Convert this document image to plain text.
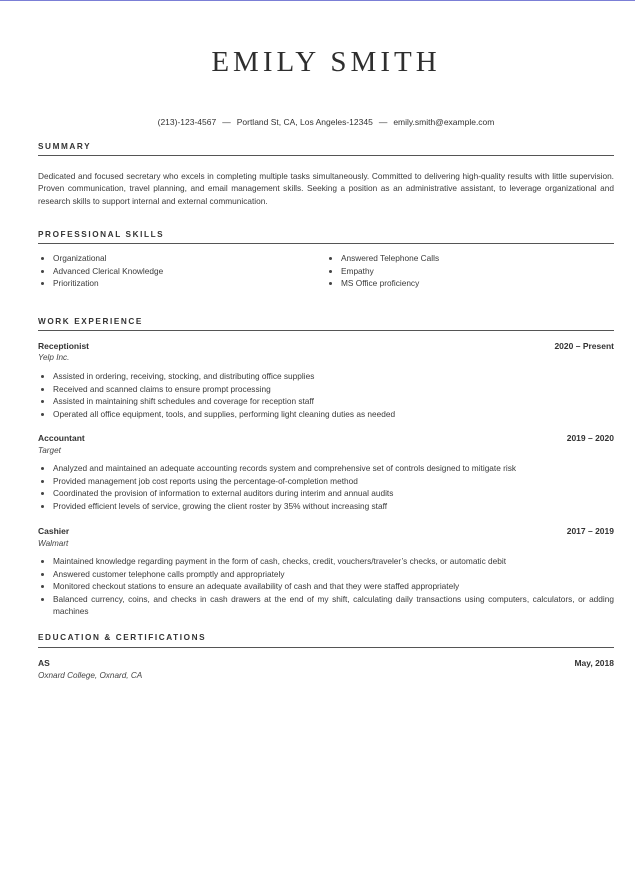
EMILY SMITH
(213)-123-4567 — Portland St, CA, Los Angeles-12345 — emily.smith@example.com
SUMMARY
Dedicated and focused secretary who excels in completing multiple tasks simultaneously. Committed to delivering high-quality results with little supervision. Proven communication, travel planning, and email management skills. Seeking a position as an administrative assistant, to leverage organizational and research skills to support internal and external communication.
PROFESSIONAL SKILLS
Organizational
Advanced Clerical Knowledge
Prioritization
Answered Telephone Calls
Empathy
MS Office proficiency
WORK EXPERIENCE
Receptionist	2020 – Present
Yelp Inc.
Assisted in ordering, receiving, stocking, and distributing office supplies
Received and scanned claims to ensure prompt processing
Assisted in maintaining shift schedules and coverage for reception staff
Operated all office equipment, tools, and supplies, performing light cleaning duties as needed
Accountant	2019 – 2020
Target
Analyzed and maintained an adequate accounting records system and comprehensive set of controls designed to mitigate risk
Provided management job cost reports using the percentage-of-completion method
Coordinated the provision of information to external auditors during interim and annual audits
Provided efficient levels of service, growing the client roster by 35% without increasing staff
Cashier	2017 – 2019
Walmart
Maintained knowledge regarding payment in the form of cash, checks, credit, vouchers/traveler’s checks, or automatic debit
Answered customer telephone calls promptly and appropriately
Monitored checkout stations to ensure an adequate availability of cash and that they were staffed appropriately
Balanced currency, coins, and checks in cash drawers at the end of my shift, calculating daily transactions using computers, calculators, or adding machines
EDUCATION & CERTIFICATIONS
AS	May, 2018
Oxnard College, Oxnard, CA
